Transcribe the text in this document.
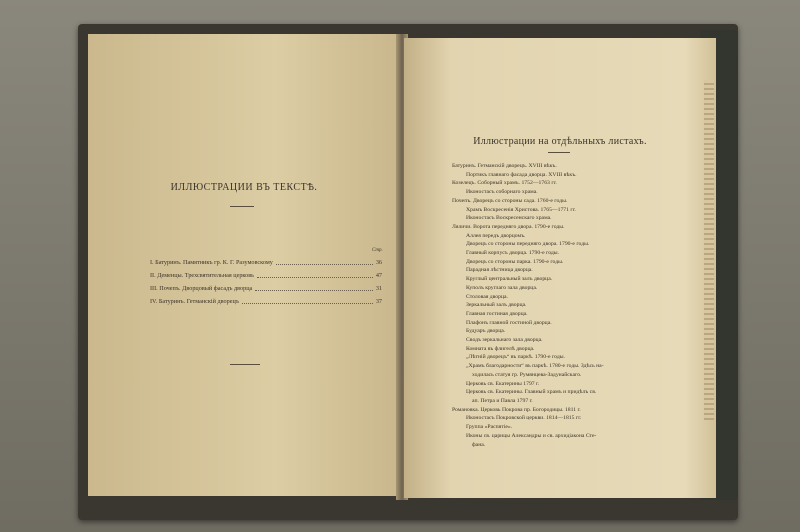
ИЛЛЮСТРАЦИИ ВЪ ТЕКСТѢ.
Стр.
I. Батуринъ. Памятникъ гр. К. Г. Разумовскому	36
II. Деменцы. Трехсвятительная церковь	47
III. Почепъ. Дворцовый фасадъ дворца	31
IV. Батуринъ. Гетманскiй дворецъ	37
Иллюстрации на отдѣльныхъ листахъ.
Батуринъ. Гетманскiй дворецъ. XVIII вѣкъ.
Портикъ главнаго фасада дворца. XVIII вѣкъ.
Козелецъ. Соборный храмъ. 1752—1763 гг.
Иконостасъ соборнаго храма.
Почепъ. Дворецъ со стороны сада. 1760-е годы.
Храмъ Воскресенiя Христова. 1765—1771 гг.
Иконостасъ Воскресенскаго храма.
Ляличи. Ворота передняго двора. 1790-е годы.
Аллея передъ дворцомъ.
Дворецъ со стороны передняго двора. 1790-е годы.
Главный корпусъ дворца. 1790-е годы.
Дворецъ со стороны парка. 1790-е годы.
Парадная лѣстница дворца.
Круглый центральный залъ дворца.
Куполъ круглаго зала дворца.
Столовая дворца.
Зеркальный залъ дворца.
Главная гостиная дворца.
Плафонъ главной гостиной дворца.
Будуаръ дворца.
Сводъ зеркальнаго зала дворца.
Комната въ флигелѣ дворца.
„Лѣтнiй дворецъ“ въ паркѣ. 1790-е годы.
„Храмъ благодарности“ въ паркѣ. 1780-е годы. Здѣсь на-
ходилась статуя гр. Румянцева-Задунайскаго.
Церковь св. Екатерины 1797 г.
Церковь св. Екатерины. Главный храмъ и придѣлъ св.
ап. Петра и Павла 1797 г.
Романовка. Церковь Покрова пр. Богородицы. 1811 г.
Иконостасъ Покровской церкви. 1814—1815 гг.
Группа «Распятiе».
Иконы св. царицы Александры и св. архидiакона Сте-
фана.
